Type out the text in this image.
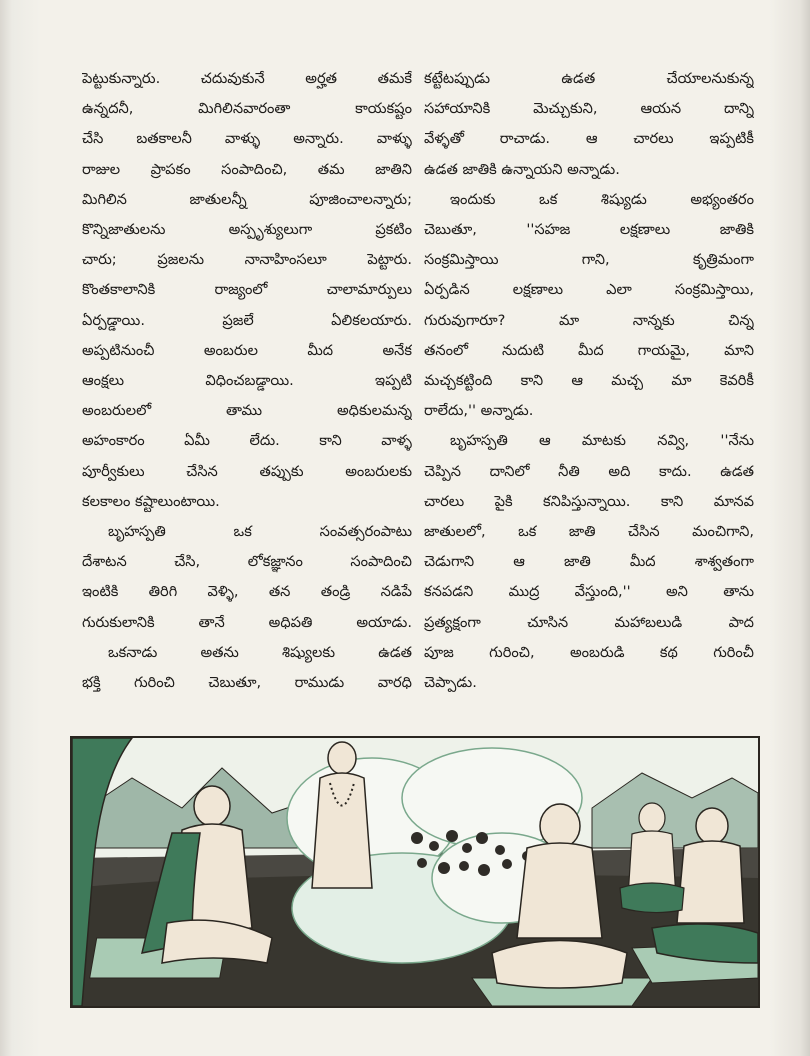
పెట్టుకున్నారు. చదువుకునే అర్హత తమకే
ఉన్నదనీ, మిగిలినవారంతా కాయకష్టం
చేసి బతకాలనీ వాళ్ళు అన్నారు. వాళ్ళు
రాజుల ప్రాపకం సంపాదించి, తమ జాతిని
మిగిలిన జాతులన్నీ పూజించాలన్నారు;
కొన్నిజాతులను అస్పృశ్యులుగా ప్రకటిం
చారు; ప్రజలను నానాహింసలూ పెట్టారు.
కొంతకాలానికి రాజ్యంలో చాలామార్పులు
ఏర్పడ్డాయి. ప్రజలే ఏలికలయారు.
అప్పటినుంచీ అంబరుల మీద అనేక
ఆంక్షలు విధించబడ్డాయి. ఇప్పటి
అంబరులలో తాము అధికులమన్న
అహంకారం ఏమీ లేదు. కాని వాళ్ళ
పూర్వీకులు చేసిన తప్పుకు అంబరులకు
కలకాలం కష్టాలుంటాయి.

బృహస్పతి ఒక సంవత్సరంపాటు
దేశాటన చేసి, లోకజ్ఞానం సంపాదించి
ఇంటికి తిరిగి వెళ్ళి, తన తండ్రి నడిపే
గురుకులానికి తానే అధిపతి అయాడు.

ఒకనాడు అతను శిష్యులకు ఉడత
భక్తి గురించి చెబుతూ, రాముడు వారధి

కట్టేటప్పుడు ఉడత చేయాలనుకున్న
సహాయానికి మెచ్చుకుని, ఆయన దాన్ని
వేళ్ళతో రాచాడు. ఆ చారలు ఇప్పటికీ
ఉడత జాతికి ఉన్నాయని అన్నాడు.

ఇందుకు ఒక శిష్యుడు అభ్యంతరం
చెబుతూ, ''సహజ లక్షణాలు జాతికి
సంక్రమిస్తాయి గాని, కృత్రిమంగా
ఏర్పడిన లక్షణాలు ఎలా సంక్రమిస్తాయి,
గురువుగారూ? మా నాన్నకు చిన్న
తనంలో నుదుటి మీద గాయమై, మాని
మచ్చకట్టింది కాని ఆ మచ్చ మా కెవరికీ
రాలేదు,'' అన్నాడు.

బృహస్పతి ఆ మాటకు నవ్వి, ''నేను
చెప్పిన దానిలో నీతి అది కాదు. ఉడత
చారలు పైకి కనిపిస్తున్నాయి. కాని మానవ
జాతులలో, ఒక జాతి చేసిన మంచిగాని,
చెడుగాని ఆ జాతి మీద శాశ్వతంగా
కనపడని ముద్ర వేస్తుంది,'' అని తాను
ప్రత్యక్షంగా చూసిన మహాబలుడి పాద
పూజ గురించి, అంబరుడి కథ గురించీ
చెప్పాడు.
